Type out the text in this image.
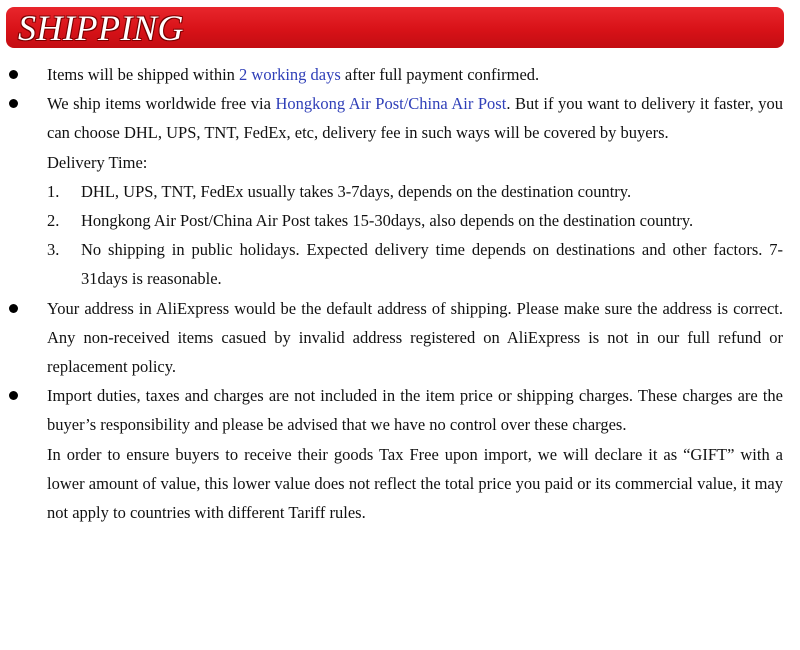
SHIPPING

Items will be shipped within 2 working days after full payment confirmed.

We ship items worldwide free via Hongkong Air Post/China Air Post. But if you want to delivery it faster, you can choose DHL, UPS, TNT, FedEx, etc, delivery fee in such ways will be covered by buyers.

Delivery Time:

1. DHL, UPS, TNT, FedEx usually takes 3-7days, depends on the destination country.
2. Hongkong Air Post/China Air Post takes 15-30days, also depends on the destination country.
3. No shipping in public holidays. Expected delivery time depends on destinations and other factors. 7-31days is reasonable.

Your address in AliExpress would be the default address of shipping. Please make sure the address is correct. Any non-received items casued by invalid address registered on AliExpress is not in our full refund or replacement policy.

Import duties, taxes and charges are not included in the item price or shipping charges. These charges are the buyer’s responsibility and please be advised that we have no control over these charges.

In order to ensure buyers to receive their goods Tax Free upon import, we will declare it as “GIFT” with a lower amount of value, this lower value does not reflect the total price you paid or its commercial value, it may not apply to countries with different Tariff rules.
